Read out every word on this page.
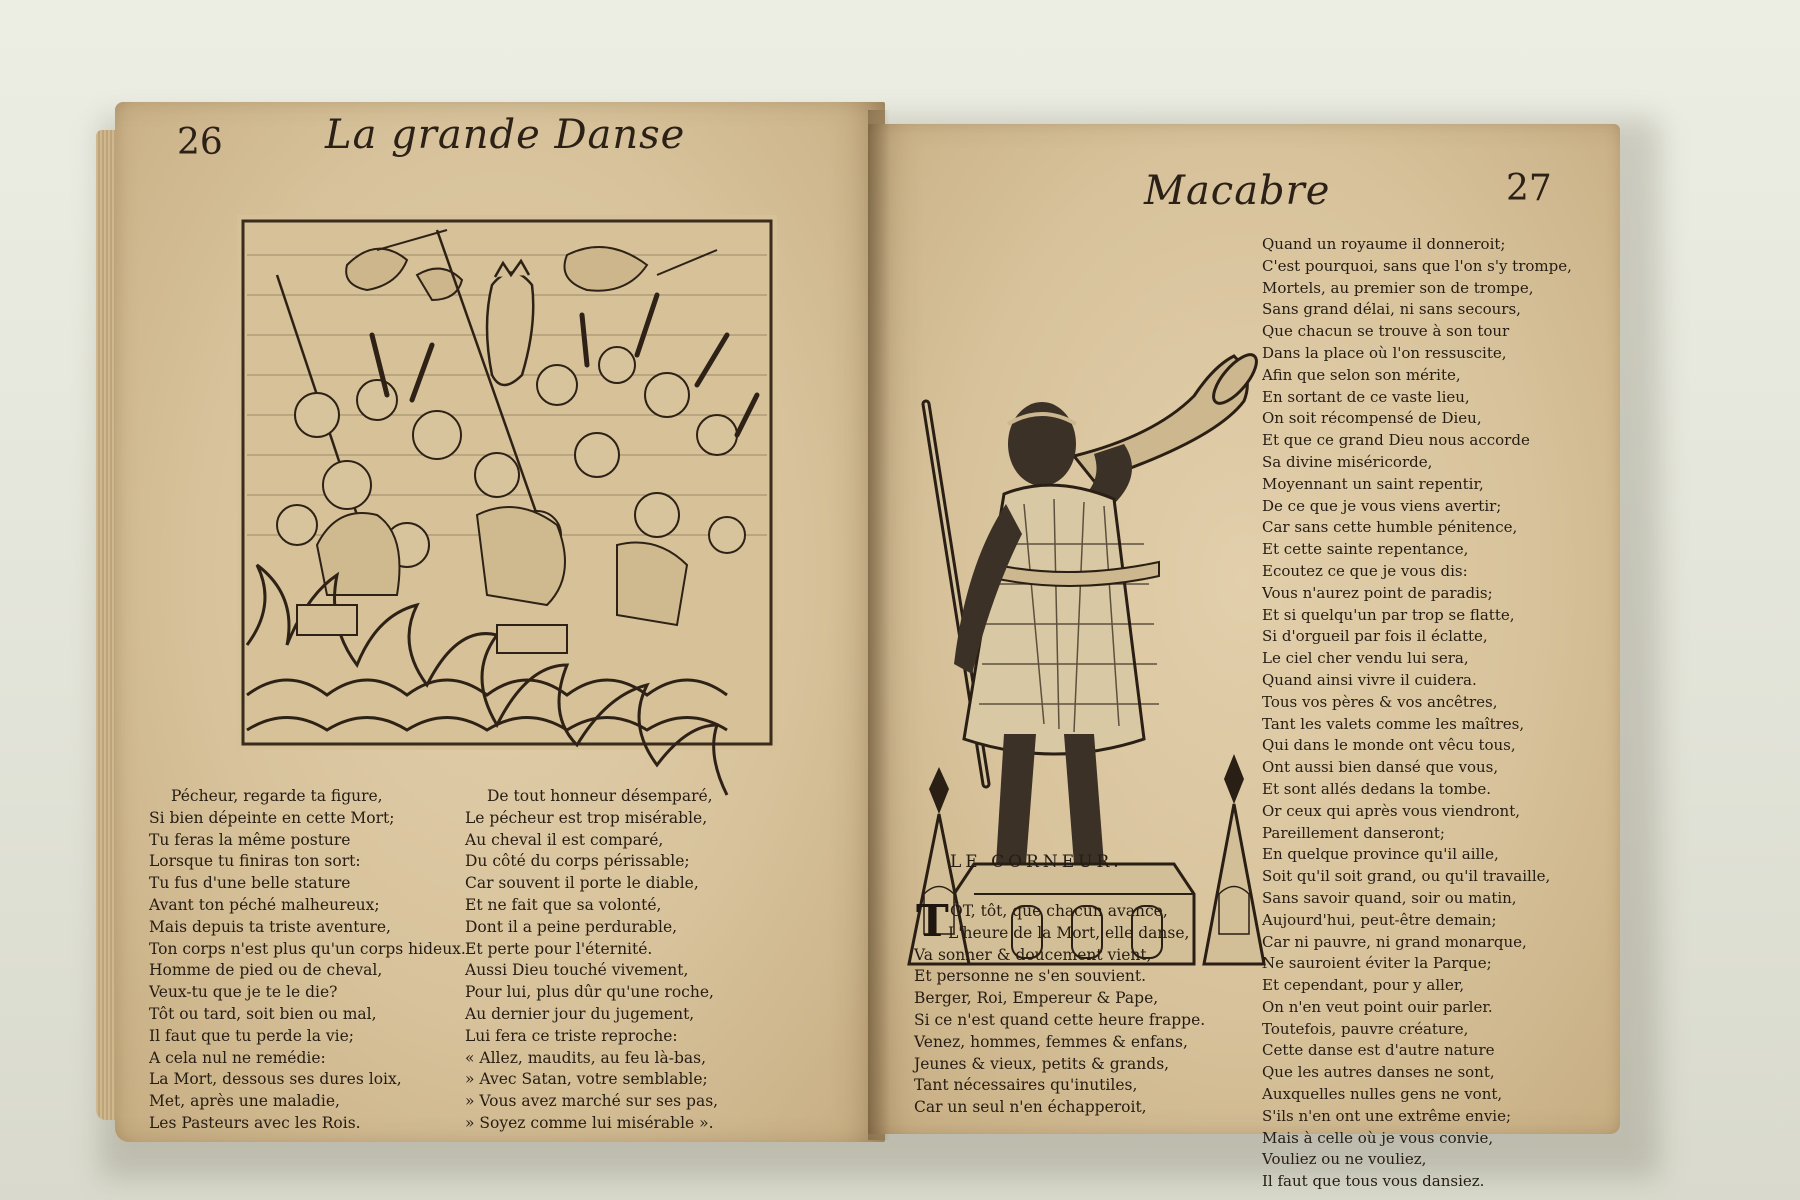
26	La grande Danse
Pécheur, regarde ta figure,
Si bien dépeinte en cette Mort;
Tu feras la même posture
Lorsque tu finiras ton sort:
Tu fus d'une belle stature
Avant ton péché malheureux;
Mais depuis ta triste aventure,
Ton corps n'est plus qu'un corps hideux.
Homme de pied ou de cheval,
Veux-tu que je te le die?
Tôt ou tard, soit bien ou mal,
Il faut que tu perde la vie;
A cela nul ne remédie:
La Mort, dessous ses dures loix,
Met, après une maladie,
Les Pasteurs avec les Rois.
De tout honneur désemparé,
Le pécheur est trop misérable,
Au cheval il est comparé,
Du côté du corps périssable;
Car souvent il porte le diable,
Et ne fait que sa volonté,
Dont il a peine perdurable,
Et perte pour l'éternité.
Aussi Dieu touché vivement,
Pour lui, plus dûr qu'une roche,
Au dernier jour du jugement,
Lui fera ce triste reproche:
« Allez, maudits, au feu là-bas,
» Avec Satan, votre semblable;
» Vous avez marché sur ses pas,
» Soyez comme lui misérable ».
Macabre	27
LE CORNEUR.
T ÔT, tôt, que chacun avance,
L'heure de la Mort, elle danse,
Va sonner & doucement vient,
Et personne ne s'en souvient.
Berger, Roi, Empereur & Pape,
Si ce n'est quand cette heure frappe.
Venez, hommes, femmes & enfans,
Jeunes & vieux, petits & grands,
Tant nécessaires qu'inutiles,
Car un seul n'en échapperoit,
Quand un royaume il donneroit;
C'est pourquoi, sans que l'on s'y trompe,
Mortels, au premier son de trompe,
Sans grand délai, ni sans secours,
Que chacun se trouve à son tour
Dans la place où l'on ressuscite,
Afin que selon son mérite,
En sortant de ce vaste lieu,
On soit récompensé de Dieu,
Et que ce grand Dieu nous accorde
Sa divine miséricorde,
Moyennant un saint repentir,
De ce que je vous viens avertir;
Car sans cette humble pénitence,
Et cette sainte repentance,
Ecoutez ce que je vous dis:
Vous n'aurez point de paradis;
Et si quelqu'un par trop se flatte,
Si d'orgueil par fois il éclatte,
Le ciel cher vendu lui sera,
Quand ainsi vivre il cuidera.
Tous vos pères & vos ancêtres,
Tant les valets comme les maîtres,
Qui dans le monde ont vêcu tous,
Ont aussi bien dansé que vous,
Et sont allés dedans la tombe.
Or ceux qui après vous viendront,
Pareillement danseront;
En quelque province qu'il aille,
Soit qu'il soit grand, ou qu'il travaille,
Sans savoir quand, soir ou matin,
Aujourd'hui, peut-être demain;
Car ni pauvre, ni grand monarque,
Ne sauroient éviter la Parque;
Et cependant, pour y aller,
On n'en veut point ouir parler.
Toutefois, pauvre créature,
Cette danse est d'autre nature
Que les autres danses ne sont,
Auxquelles nulles gens ne vont,
S'ils n'en ont une extrême envie;
Mais à celle où je vous convie,
Vouliez ou ne vouliez,
Il faut que tous vous dansiez.
